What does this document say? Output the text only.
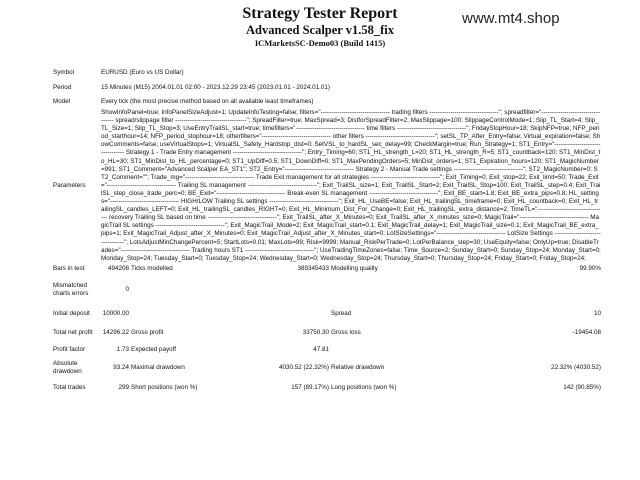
Strategy Tester Report
Advanced Scalper v1.58_fix
ICMarketsSC-Demo03 (Build 1415)
www.mt4.shop
Symbol	EURUSD (Euro vs US Dollar)				
Period	15 Minutes (M15) 2004.01.01 02:00 - 2023.12.29 23:45 (2023.01.01 - 2024.01.01)				
Model	Every tick (the most precise method based on all available least timeframes)				
Parameters	ShowInfoPanel=true; InfoPanelSizeAdjust=1; UpdateInfoTesting=false; filters="--------------------------------- trading filters ---------------------------------"; spreadfilter="---------------------------------- spread/slippage filter ----------------------------------"; SpreadFilter=true; MaxSpread=3; DistforSpreadFilter=2; MaxSlippage=100; SlippageControlMode=1; Slip_TL_Start=4; Slip_TL_Size=1; Slip_TL_Stop=3; UseEntryTrailSL_start=true; timefilters="--------------------------------- time filters ---------------------------------"; FridayStopHour=18; SkipNFP=true; NFP_period_starthour=14; NFP_period_stophour=18; otherfilters="--------------------------------- other filters ---------------------------------"; setSL_TP_After_Entry=false; Virtual_expiration=false; ShowComments=false; useVirtualStops=1; VirtualSL_Safety_Hardstop_dist=0; SetVSL_to_hardSL_sec_delay=99; CheckMargin=true; Run_Strategy=1; ST1_Entry="--------------------------------- Strategy 1 - Trade Entry management ---------------------------------"; Entry_Timing=60; ST1_HL_strength_L=20; ST1_HL_strength_R=5; ST1_countback=120; ST1_MinDist_to_HL=30; ST1_MinDist_to_HL_percentage=0; ST1_UpDiff=0.5; ST1_DownDiff=0; ST1_MaxPendingOrders=5; MinDist_orders=1; ST1_Expiration_hours=120; ST1_MagicNumber=991; ST1_Comment="Advanced Scalper EA_ST1"; ST2_Entry="--------------------------------- Strategy 2 - Manual Trade settings ---------------------------------"; ST2_MagicNumber=0; ST2_Comment=""; Trade_mg="--------------------------------- Trade Exit management for all strategies ---------------------------------"; Exit_Timing=0; Exit_stop=22; Exit_limit=50; Trade_Exit="--------------------------------- Trailing SL management ---------------------------------"; Exit_TrailSL_size=1; Exit_TrailSL_Start=2; Exit_TrailSL_Stop=100; Exit_TrailSL_step=0.4; Exit_TrailSL_step_close_trade_perc=0; BE_Exit="--------------------------------- Break-even SL management ---------------------------------"; Exit_BE_start=1.8; Exit_BE_extra_pips=0.8; HL_settings="--------------------------------- HIGH/LOW Trailing SL settings ---------------------------------"; Exit_HL_UseBE=false; Exit_HL_trailingSL_timeframe=0; Exit_HL_countback=0; Exit_HL_trailingSL_candles_LEFT=0; Exit_HL_trailingSL_candles_RIGHT=0; Exit_HL_Minimum_Dist_For_Change=0; Exit_HL_trailingSL_extra_distance=2; TimeTL="--------------------------------- recovery Trailing SL based on time ---------------------------------"; Exit_TrailSL_after_X_Minutes=0; Exit_TrailSL_after_X_minutes_size=0; MagicTrail="--------------------------------- MagicTrail SL settings ---------------------------------"; Exit_MagicTrail_Mode=2; Exit_MagicTrail_start=0.1; Exit_MagicTrail_delay=1; Exit_MagicTrail_size=0.1; Exit_MagicTrail_BE_extra_pips=1; Exit_MagicTrail_Adjust_after_X_Minutes=0; Exit_MagicTrail_Adjust_after_X_Minutes_start=0; LotSizeSettings="--------------------------------- LotSize Settings ---------------------------------"; LotsAdjustMinChangePercent=5; StartLots=0.01; MaxLots=99; Risk=9999; Manual_RiskPerTrade=0; LotPerBalance_step=30; UseEquity=false; OnlyUp=true; DisableTrades="--------------------------------- Trading hours ST1 ---------------------------------"; UseTradingTimeZones=false; Time_Source=2; Sunday_Start=0; Sunday_Stop=24; Monday_Start=0; Monday_Stop=24; Tuesday_Start=0; Tuesday_Stop=24; Wednesday_Start=0; Wednesday_Stop=24; Thursday_Start=0; Thursday_Stop=24; Friday_Start=0; Friday_Stop=24;				
Bars in test	494208	Ticks modelled	389345433	Modelling quality	99.90%
Mismatched charts errors	0				
Initial deposit	10000.00			Spread	10
Total net profit	14296.22	Gross profit	33750.30	Gross loss	-19454.08
Profit factor	1.73	Expected payoff	47.81		
Absolute drawdown	93.24	Maximal drawdown	4030.52 (22.32%)	Relative drawdown	22.32% (4030.52)
Total trades	299	Short positions (won %)	157 (89.17%)	Long positions (won %)	142 (90.85%)
